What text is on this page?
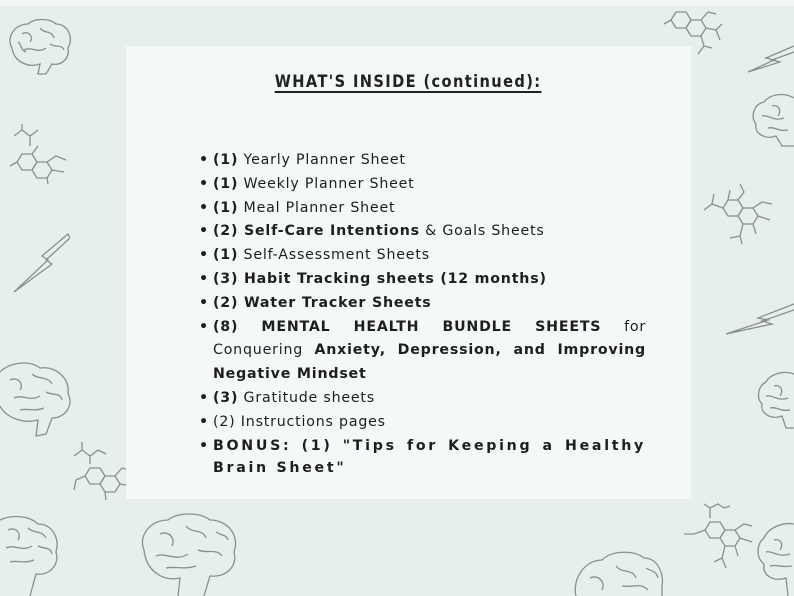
WHAT'S INSIDE (continued):
• (1) Yearly Planner Sheet
• (1) Weekly Planner Sheet
• (1) Meal Planner Sheet
• (2) Self-Care Intentions & Goals Sheets
• (1) Self-Assessment Sheets
• (3) Habit Tracking sheets (12 months)
• (2) Water Tracker Sheets
• (8) MENTAL HEALTH BUNDLE SHEETS for Conquering Anxiety, Depression, and Improving Negative Mindset
• (3) Gratitude sheets
• (2) Instructions pages
• BONUS: (1) "Tips for Keeping a Healthy Brain Sheet"
